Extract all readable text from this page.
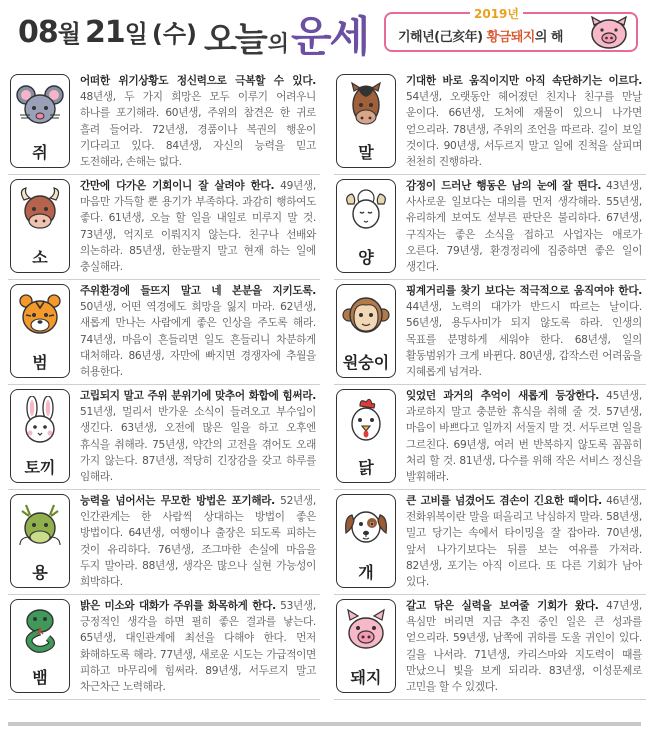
08월 21일 (수) 오늘의운세	2019년
기해년(己亥年) 황금돼지의 해
쥐
어떠한 위기상황도 정신력으로 극복할 수 있다. 48년생, 두 가지 희망은 모두 이루기 어려우니 하나를 포기해라. 60년생, 주위의 참견은 한 귀로 흘려 들어라. 72년생, 경품이나 복권의 행운이 기다리고 있다. 84년생, 자신의 능력을 믿고 도전해라, 손해는 없다.
소
간만에 다가온 기회이니 잘 살려야 한다. 49년생, 마음만 가득할 뿐 용기가 부족하다. 과감히 행하여도 좋다. 61년생, 오늘 할 일을 내일로 미루지 말 것. 73년생, 억지로 이뤄지지 않는다. 친구나 선배와 의논하라. 85년생, 한눈팔지 말고 현재 하는 일에 충실해라.
범
주위환경에 들뜨지 말고 네 본분을 지키도록. 50년생, 어떤 역경에도 희망을 잃지 마라. 62년생, 새롭게 만나는 사람에게 좋은 인상을 주도록 해라. 74년생, 마음이 흔들리면 일도 흔들리니 차분하게 대처해라. 86년생, 자만에 빠지면 경쟁자에 추월을 허용한다.
토끼
고립되지 말고 주위 분위기에 맞추어 화합에 힘써라. 51년생, 멀리서 반가운 소식이 들려오고 부수입이 생긴다. 63년생, 오전에 많은 일을 하고 오후엔 휴식을 취해라. 75년생, 약간의 고전을 겪어도 오래 가지 않는다. 87년생, 적당히 긴장감을 갖고 하루를 임해라.
용
능력을 넘어서는 무모한 방법은 포기해라. 52년생, 인간관계는 한 사람씩 상대하는 방법이 좋은 방법이다. 64년생, 여행이나 출장은 되도록 피하는 것이 유리하다. 76년생, 조그마한 손실에 마음을 두지 말아라. 88년생, 생각은 많으나 실현 가능성이 희박하다.
뱀
밝은 미소와 대화가 주위를 화목하게 한다. 53년생, 긍정적인 생각을 하면 필히 좋은 결과를 낳는다. 65년생, 대인관계에 최선을 다해야 한다. 먼저 화해하도록 해라. 77년생, 새로운 시도는 가급적이면 피하고 마무리에 힘써라. 89년생, 서두르지 말고 차근차근 노력해라.
말
기대한 바로 움직이지만 아직 속단하기는 이르다. 54년생, 오랫동안 헤어졌던 친지나 친구를 만날 운이다. 66년생, 도처에 재물이 있으니 나가면 얻으리라. 78년생, 주위의 조언을 따르라. 길이 보일 것이다. 90년생, 서두르지 말고 일에 진척을 살피며 천천히 진행하라.
양
감정이 드러난 행동은 남의 눈에 잘 띈다. 43년생, 사사로운 일보다는 대의를 먼저 생각해라. 55년생, 유리하게 보여도 섣부른 판단은 불리하다. 67년생, 구직자는 좋은 소식을 접하고 사업자는 애로가 오른다. 79년생, 환경정리에 집중하면 좋은 일이 생긴다.
원숭이
핑계거리를 찾기 보다는 적극적으로 움직여야 한다. 44년생, 노력의 대가가 반드시 따르는 날이다. 56년생, 용두사미가 되지 않도록 하라. 인생의 목표를 분명하게 세워야 한다. 68년생, 일의 활동범위가 크게 바뀐다. 80년생, 갑작스런 어려움을 지혜롭게 넘겨라.
닭
잊었던 과거의 추억이 새롭게 등장한다. 45년생, 과로하지 말고 충분한 휴식을 취해 줄 것. 57년생, 마음이 바쁘다고 일까지 서둘지 말 것. 서두르면 일을 그르친다. 69년생, 여러 번 반복하지 않도록 꼼꼼히 처리 할 것. 81년생, 다수를 위해 작은 서비스 정신을 발휘해라.
개
큰 고비를 넘겼어도 겸손이 긴요한 때이다. 46년생, 전화위복이란 말을 떠올리고 낙심하지 말라. 58년생, 밀고 당기는 속에서 타이밍을 잘 잡아라. 70년생, 앞서 나가기보다는 뒤를 보는 여유를 가져라. 82년생, 포기는 아직 이르다. 또 다른 기회가 남아 있다.
돼지
갈고 닦은 실력을 보여줄 기회가 왔다. 47년생, 욕심만 버리면 지금 추진 중인 일은 큰 성과를 얻으리라. 59년생, 남쪽에 귀하를 도울 귀인이 있다. 길을 나서라. 71년생, 카리스마와 지도력이 때를 만났으니 빛을 보게 되리라. 83년생, 이성문제로 고민을 할 수 있겠다.
